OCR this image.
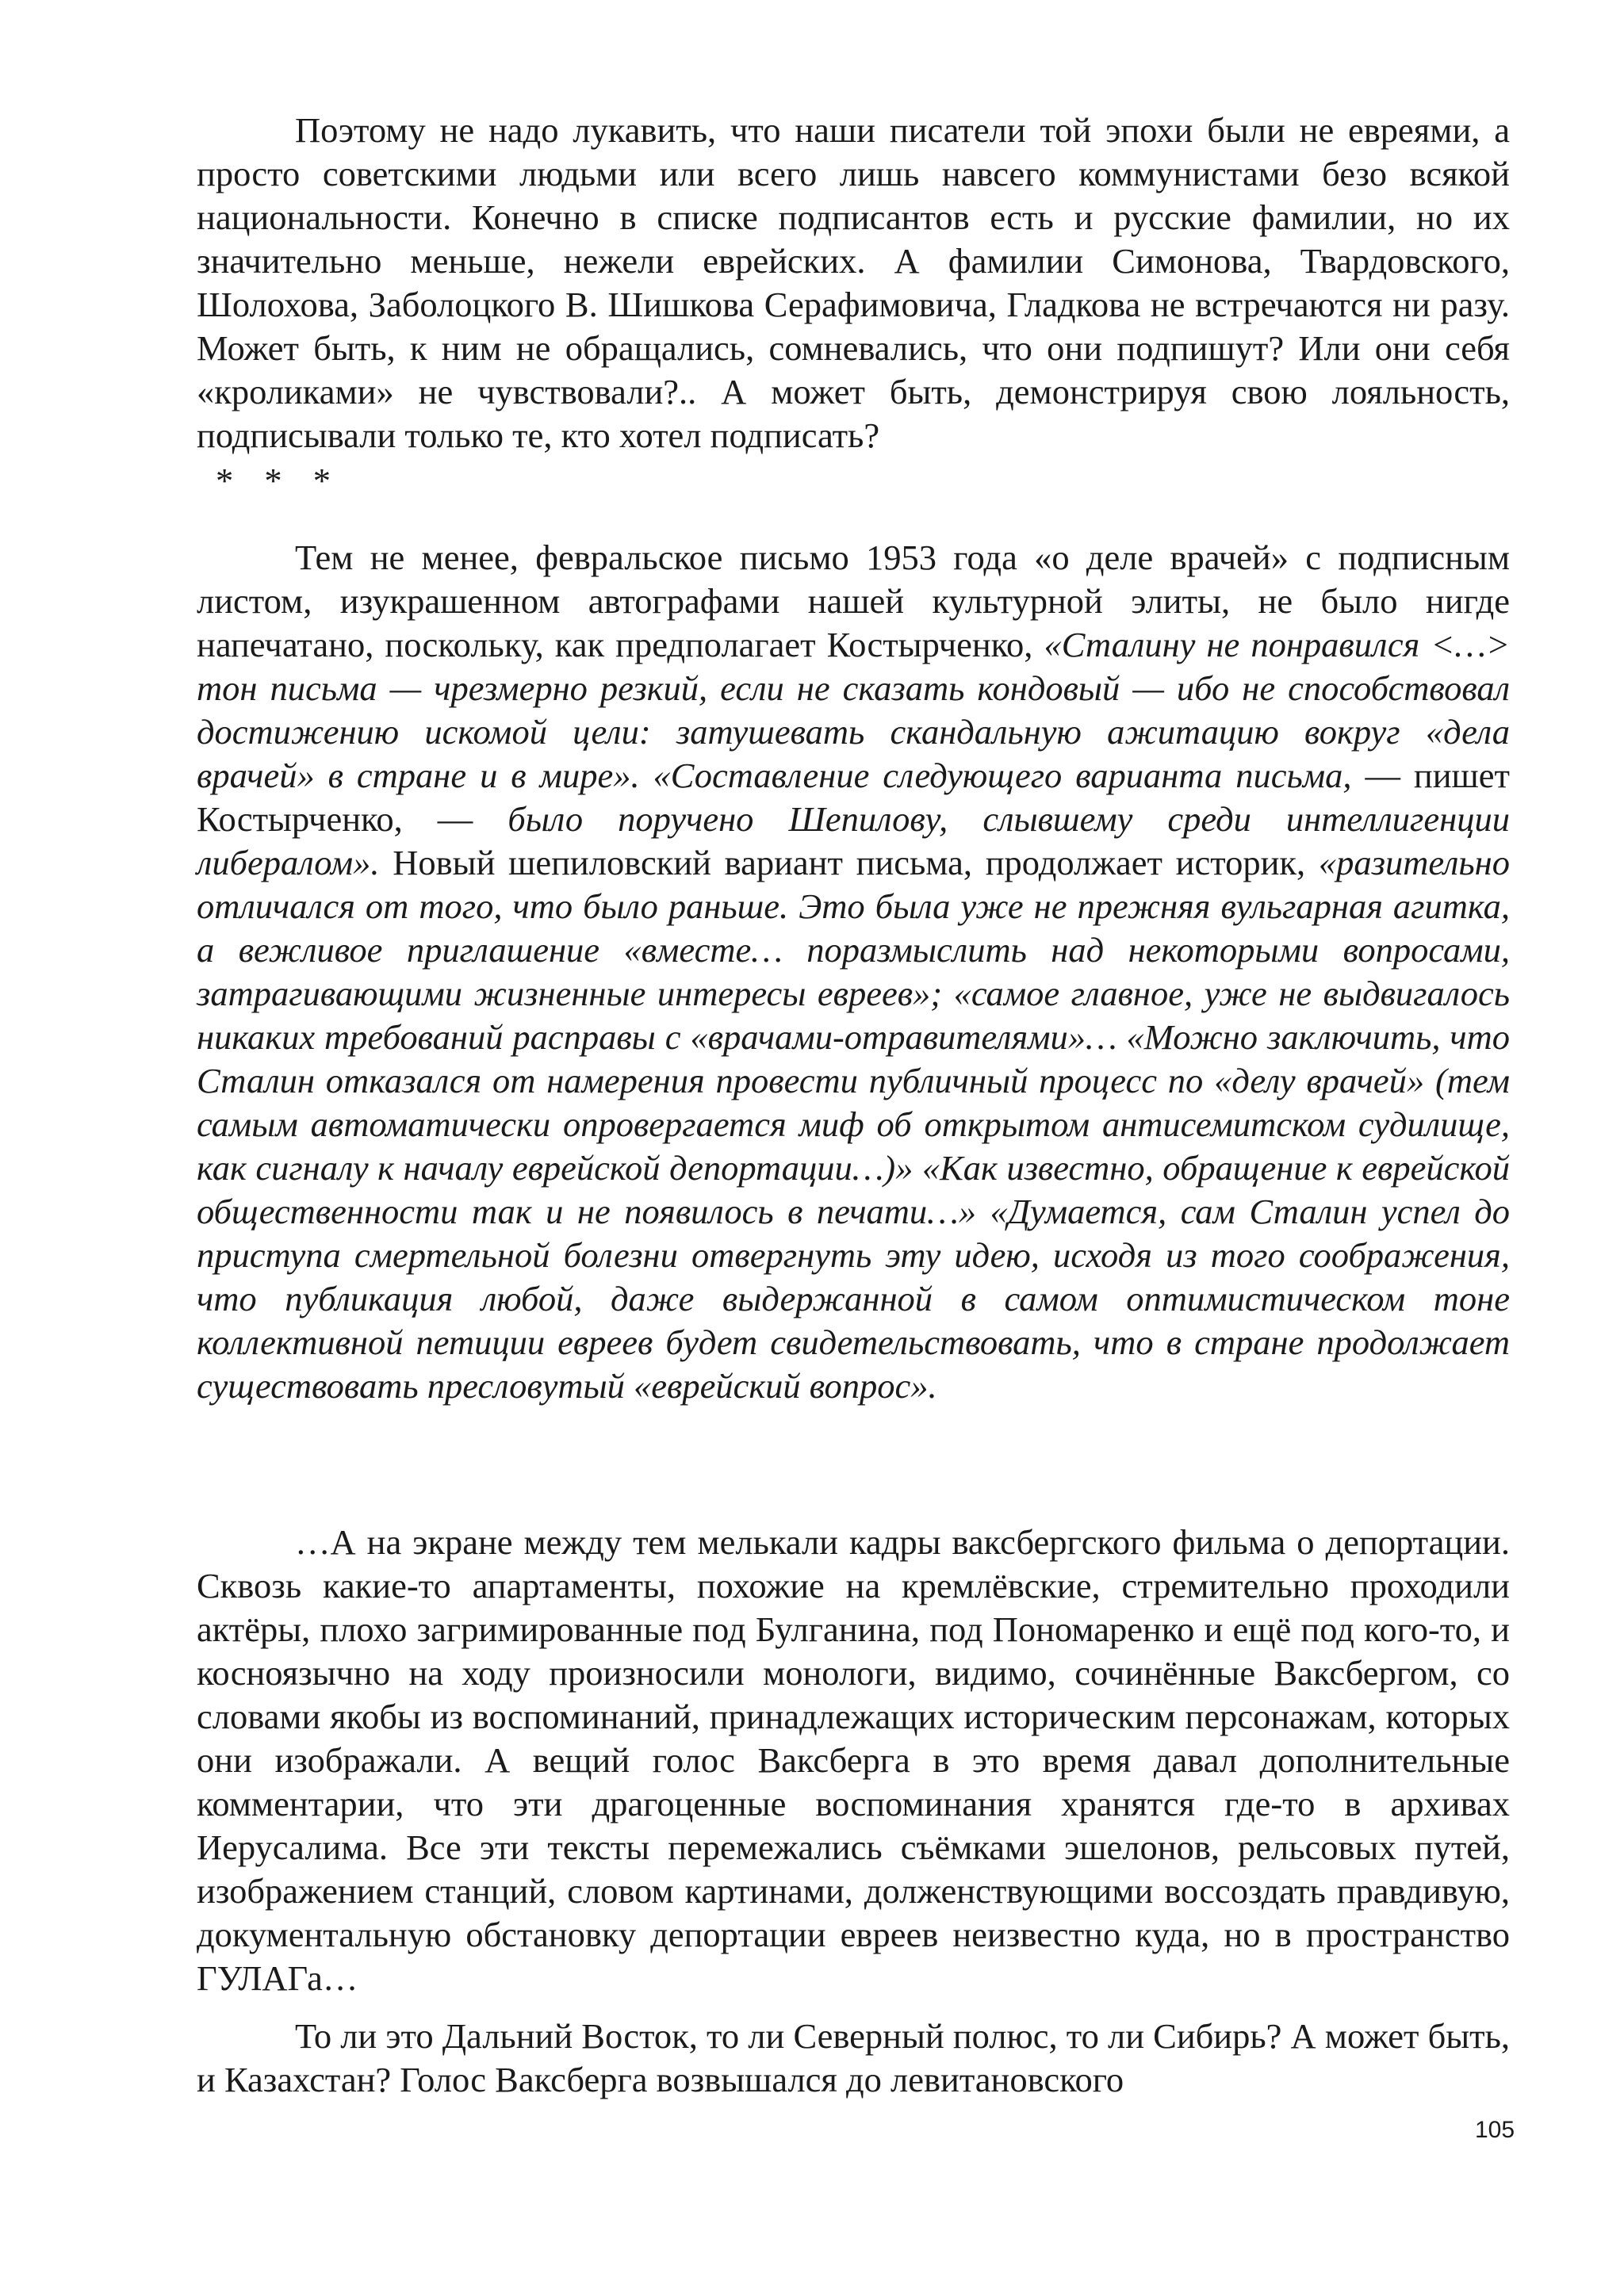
Поэтому не надо лукавить, что наши писатели той эпохи были не евреями, а просто советскими людьми или всего лишь навсего коммунистами безо всякой национальности. Конечно в списке подписантов есть и русские фамилии, но их значительно меньше, нежели еврейских. А фамилии Симонова, Твардовского, Шолохова, Заболоцкого В. Шишкова Серафимовича, Гладкова не встречаются ни разу. Может быть, к ним не обращались, сомневались, что они подпишут? Или они себя «кроликами» не чувствовали?.. А может быть, демонстрируя свою лояльность, подписывали только те, кто хотел подписать?

* * *

Тем не менее, февральское письмо 1953 года «о деле врачей» с подписным листом, изукрашенном автографами нашей культурной элиты, не было нигде напечатано, поскольку, как предполагает Костырченко, «Сталину не понравился <…> тон письма — чрезмерно резкий, если не сказать кондовый — ибо не способствовал достижению искомой цели: затушевать скандальную ажитацию вокруг «дела врачей» в стране и в мире». «Составление следующего варианта письма, — пишет Костырченко, — было поручено Шепилову, слывшему среди интеллигенции либералом». Новый шепиловский вариант письма, продолжает историк, «разительно отличался от того, что было раньше. Это была уже не прежняя вульгарная агитка, а вежливое приглашение «вместе… поразмыслить над некоторыми вопросами, затрагивающими жизненные интересы евреев»; «самое главное, уже не выдвигалось никаких требований расправы с «врачами-отравителями»… «Можно заключить, что Сталин отказался от намерения провести публичный процесс по «делу врачей» (тем самым автоматически опровергается миф об открытом антисемитском судилище, как сигналу к началу еврейской депортации…)» «Как известно, обращение к еврейской общественности так и не появилось в печати…» «Думается, сам Сталин успел до приступа смертельной болезни отвергнуть эту идею, исходя из того соображения, что публикация любой, даже выдержанной в самом оптимистическом тоне коллективной петиции евреев будет свидетельствовать, что в стране продолжает существовать пресловутый «еврейский вопрос».

…А на экране между тем мелькали кадры ваксбергского фильма о депортации. Сквозь какие-то апартаменты, похожие на кремлёвские, стремительно проходили актёры, плохо загримированные под Булганина, под Пономаренко и ещё под кого-то, и косноязычно на ходу произносили монологи, видимо, сочинённые Ваксбергом, со словами якобы из воспоминаний, принадлежащих историческим персонажам, которых они изображали. А вещий голос Ваксберга в это время давал дополнительные комментарии, что эти драгоценные воспоминания хранятся где-то в архивах Иерусалима. Все эти тексты перемежались съёмками эшелонов, рельсовых путей, изображением станций, словом картинами, долженствующими воссоздать правдивую, документальную обстановку депортации евреев неизвестно куда, но в пространство ГУЛАГа…

То ли это Дальний Восток, то ли Северный полюс, то ли Сибирь? А может быть, и Казахстан? Голос Ваксберга возвышался до левитановского

105
